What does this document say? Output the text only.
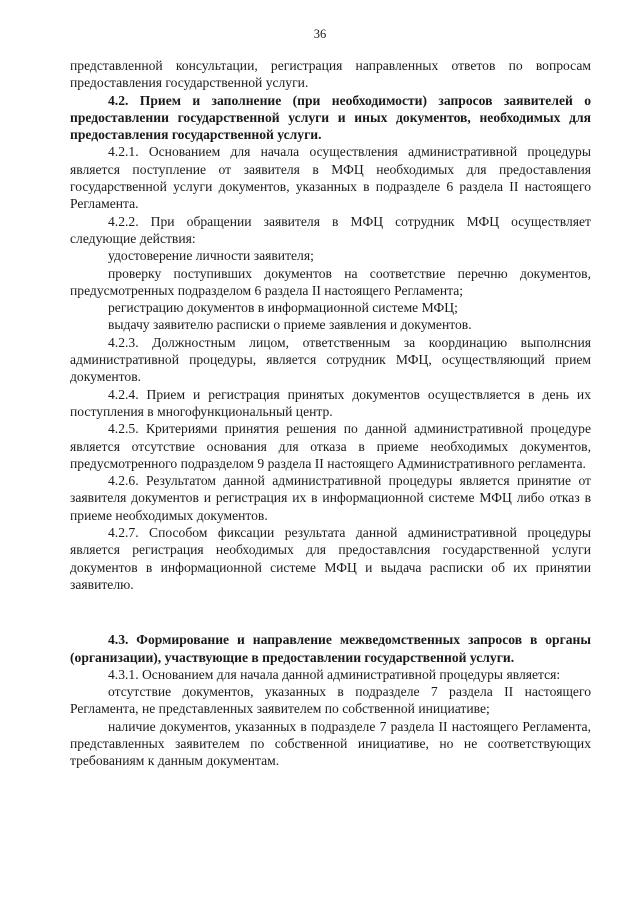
36

представленной консультации, регистрация направленных ответов по вопросам предоставления государственной услуги.

4.2. Прием и заполнение (при необходимости) запросов заявителей о предоставлении государственной услуги и иных документов, необходимых для предоставления государственной услуги.

4.2.1. Основанием для начала осуществления административной процедуры является поступление от заявителя в МФЦ необходимых для предоставления государственной услуги документов, указанных в подразделе 6 раздела II настоящего Регламента.

4.2.2. При обращении заявителя в МФЦ сотрудник МФЦ осуществляет следующие действия:

удостоверение личности заявителя;

проверку поступивших документов на соответствие перечню документов, предусмотренных подразделом 6 раздела II настоящего Регламента;

регистрацию документов в информационной системе МФЦ;

выдачу заявителю расписки о приеме заявления и документов.

4.2.3. Должностным лицом, ответственным за координацию выполнсния административной процедуры, является сотрудник МФЦ, осуществляющий прием документов.

4.2.4. Прием и регистрация принятых документов осуществляется в день их поступления в многофункциональный центр.

4.2.5. Критериями принятия решения по данной административной процедуре является отсутствие основания для отказа в приеме необходимых документов, предусмотренного подразделом 9 раздела II настоящего Административного регламента.

4.2.6. Результатом данной административной процедуры является принятие от заявителя документов и регистрация их в информационной системе МФЦ либо отказ в приеме необходимых документов.

4.2.7. Способом фиксации результата данной административной процедуры является регистрация необходимых для предоставлсния государственной услуги документов в информационной системе МФЦ и выдача расписки об их принятии заявителю.

4.3. Формирование и направление межведомственных запросов в органы (организации), участвующие в предоставлении государственной услуги.

4.3.1. Основанием для начала данной административной процедуры является:

отсутствие документов, указанных в подразделе 7 раздела II настоящего Регламента, не представленных заявителем по собственной инициативе;

наличие документов, указанных в подразделе 7 раздела II настоящего Регламента, представленных заявителем по собственной инициативе, но не соответствующих требованиям к данным документам.
